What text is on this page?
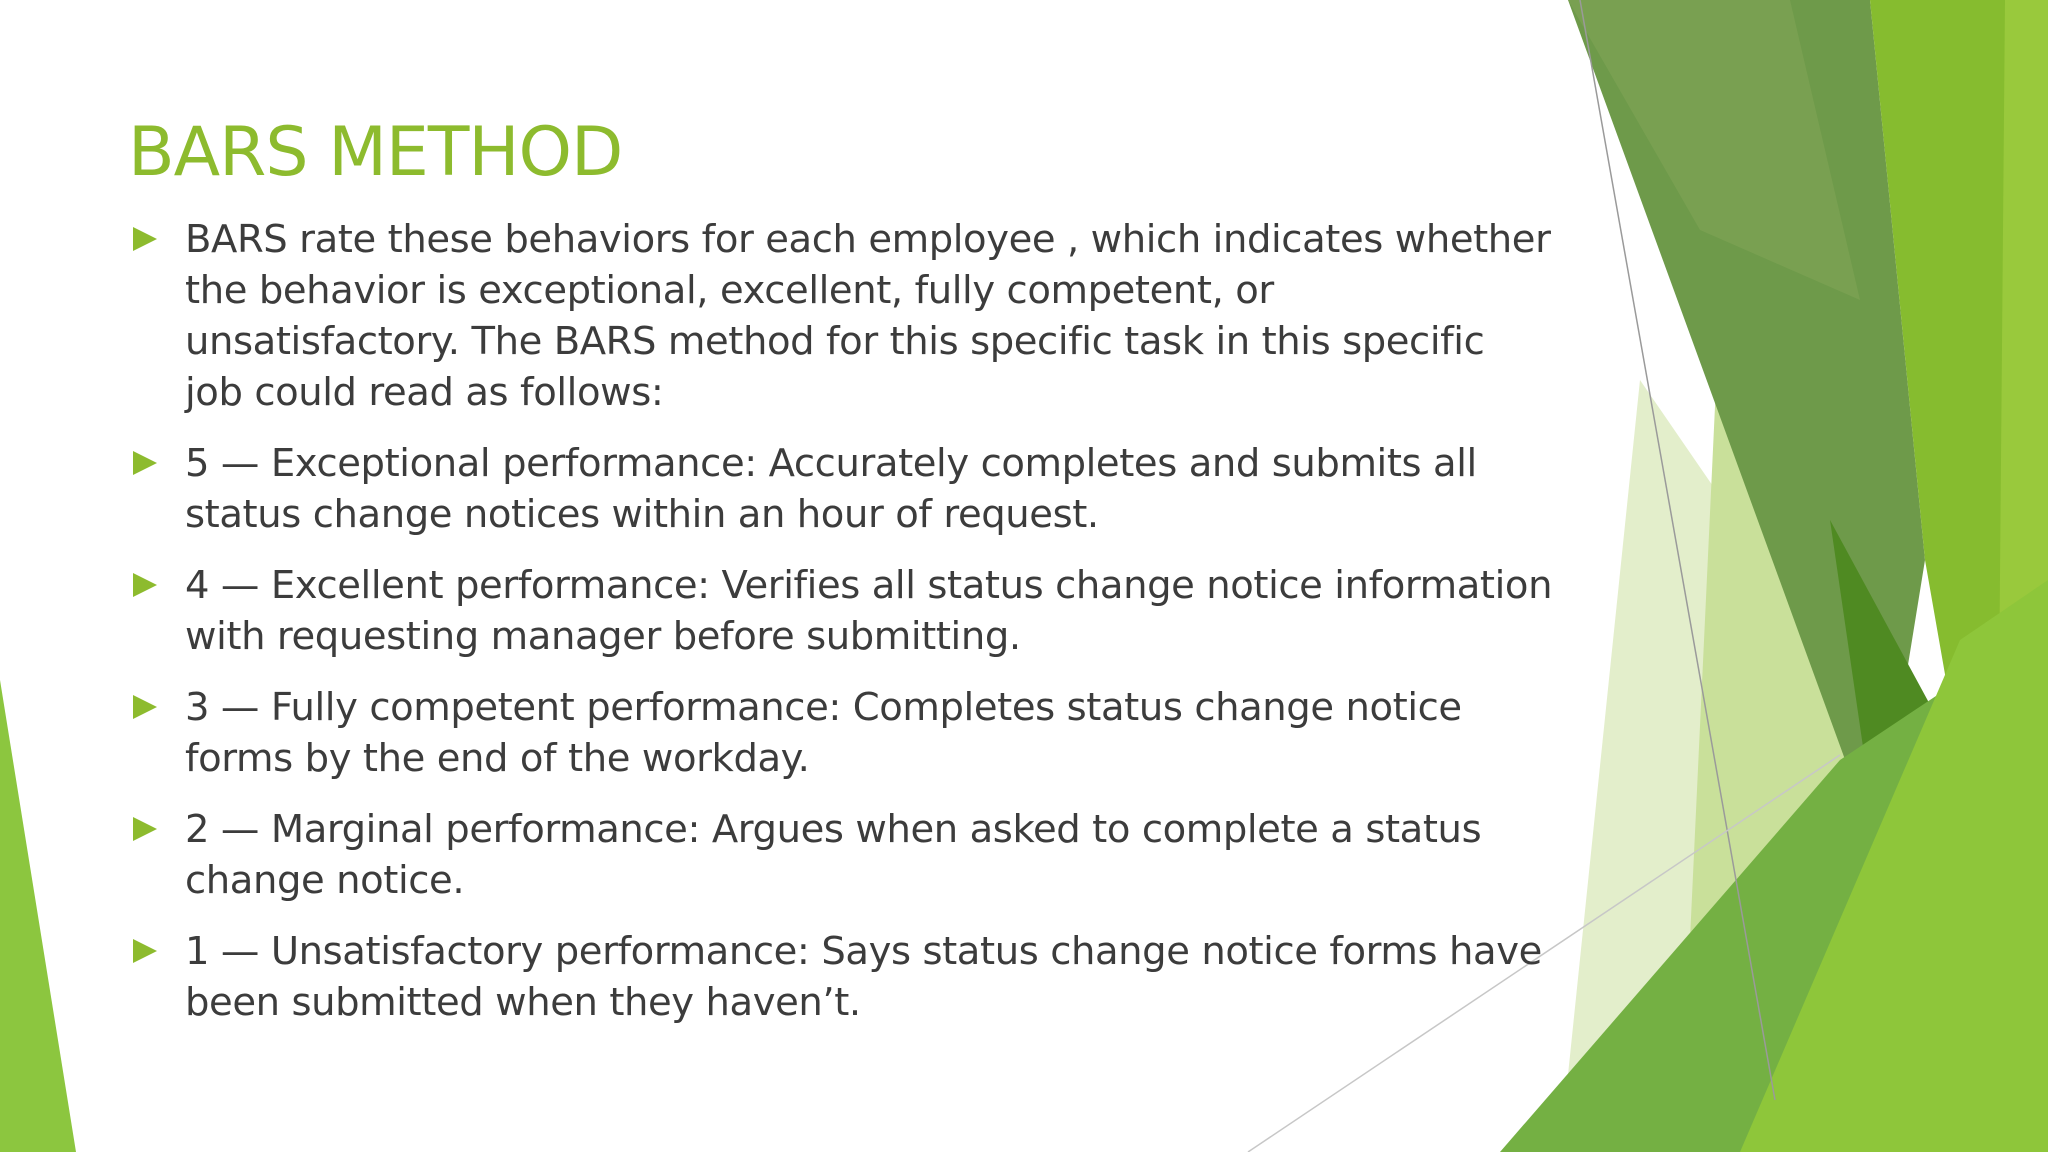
BARS METHOD
BARS rate these behaviors for each employee , which indicates whether the behavior is exceptional, excellent, fully competent, or unsatisfactory. The BARS method for this specific task in this specific job could read as follows:
5 — Exceptional performance: Accurately completes and submits all status change notices within an hour of request.
4 — Excellent performance: Verifies all status change notice information with requesting manager before submitting.
3 — Fully competent performance: Completes status change notice forms by the end of the workday.
2 — Marginal performance: Argues when asked to complete a status change notice.
1 — Unsatisfactory performance: Says status change notice forms have been submitted when they haven’t.
